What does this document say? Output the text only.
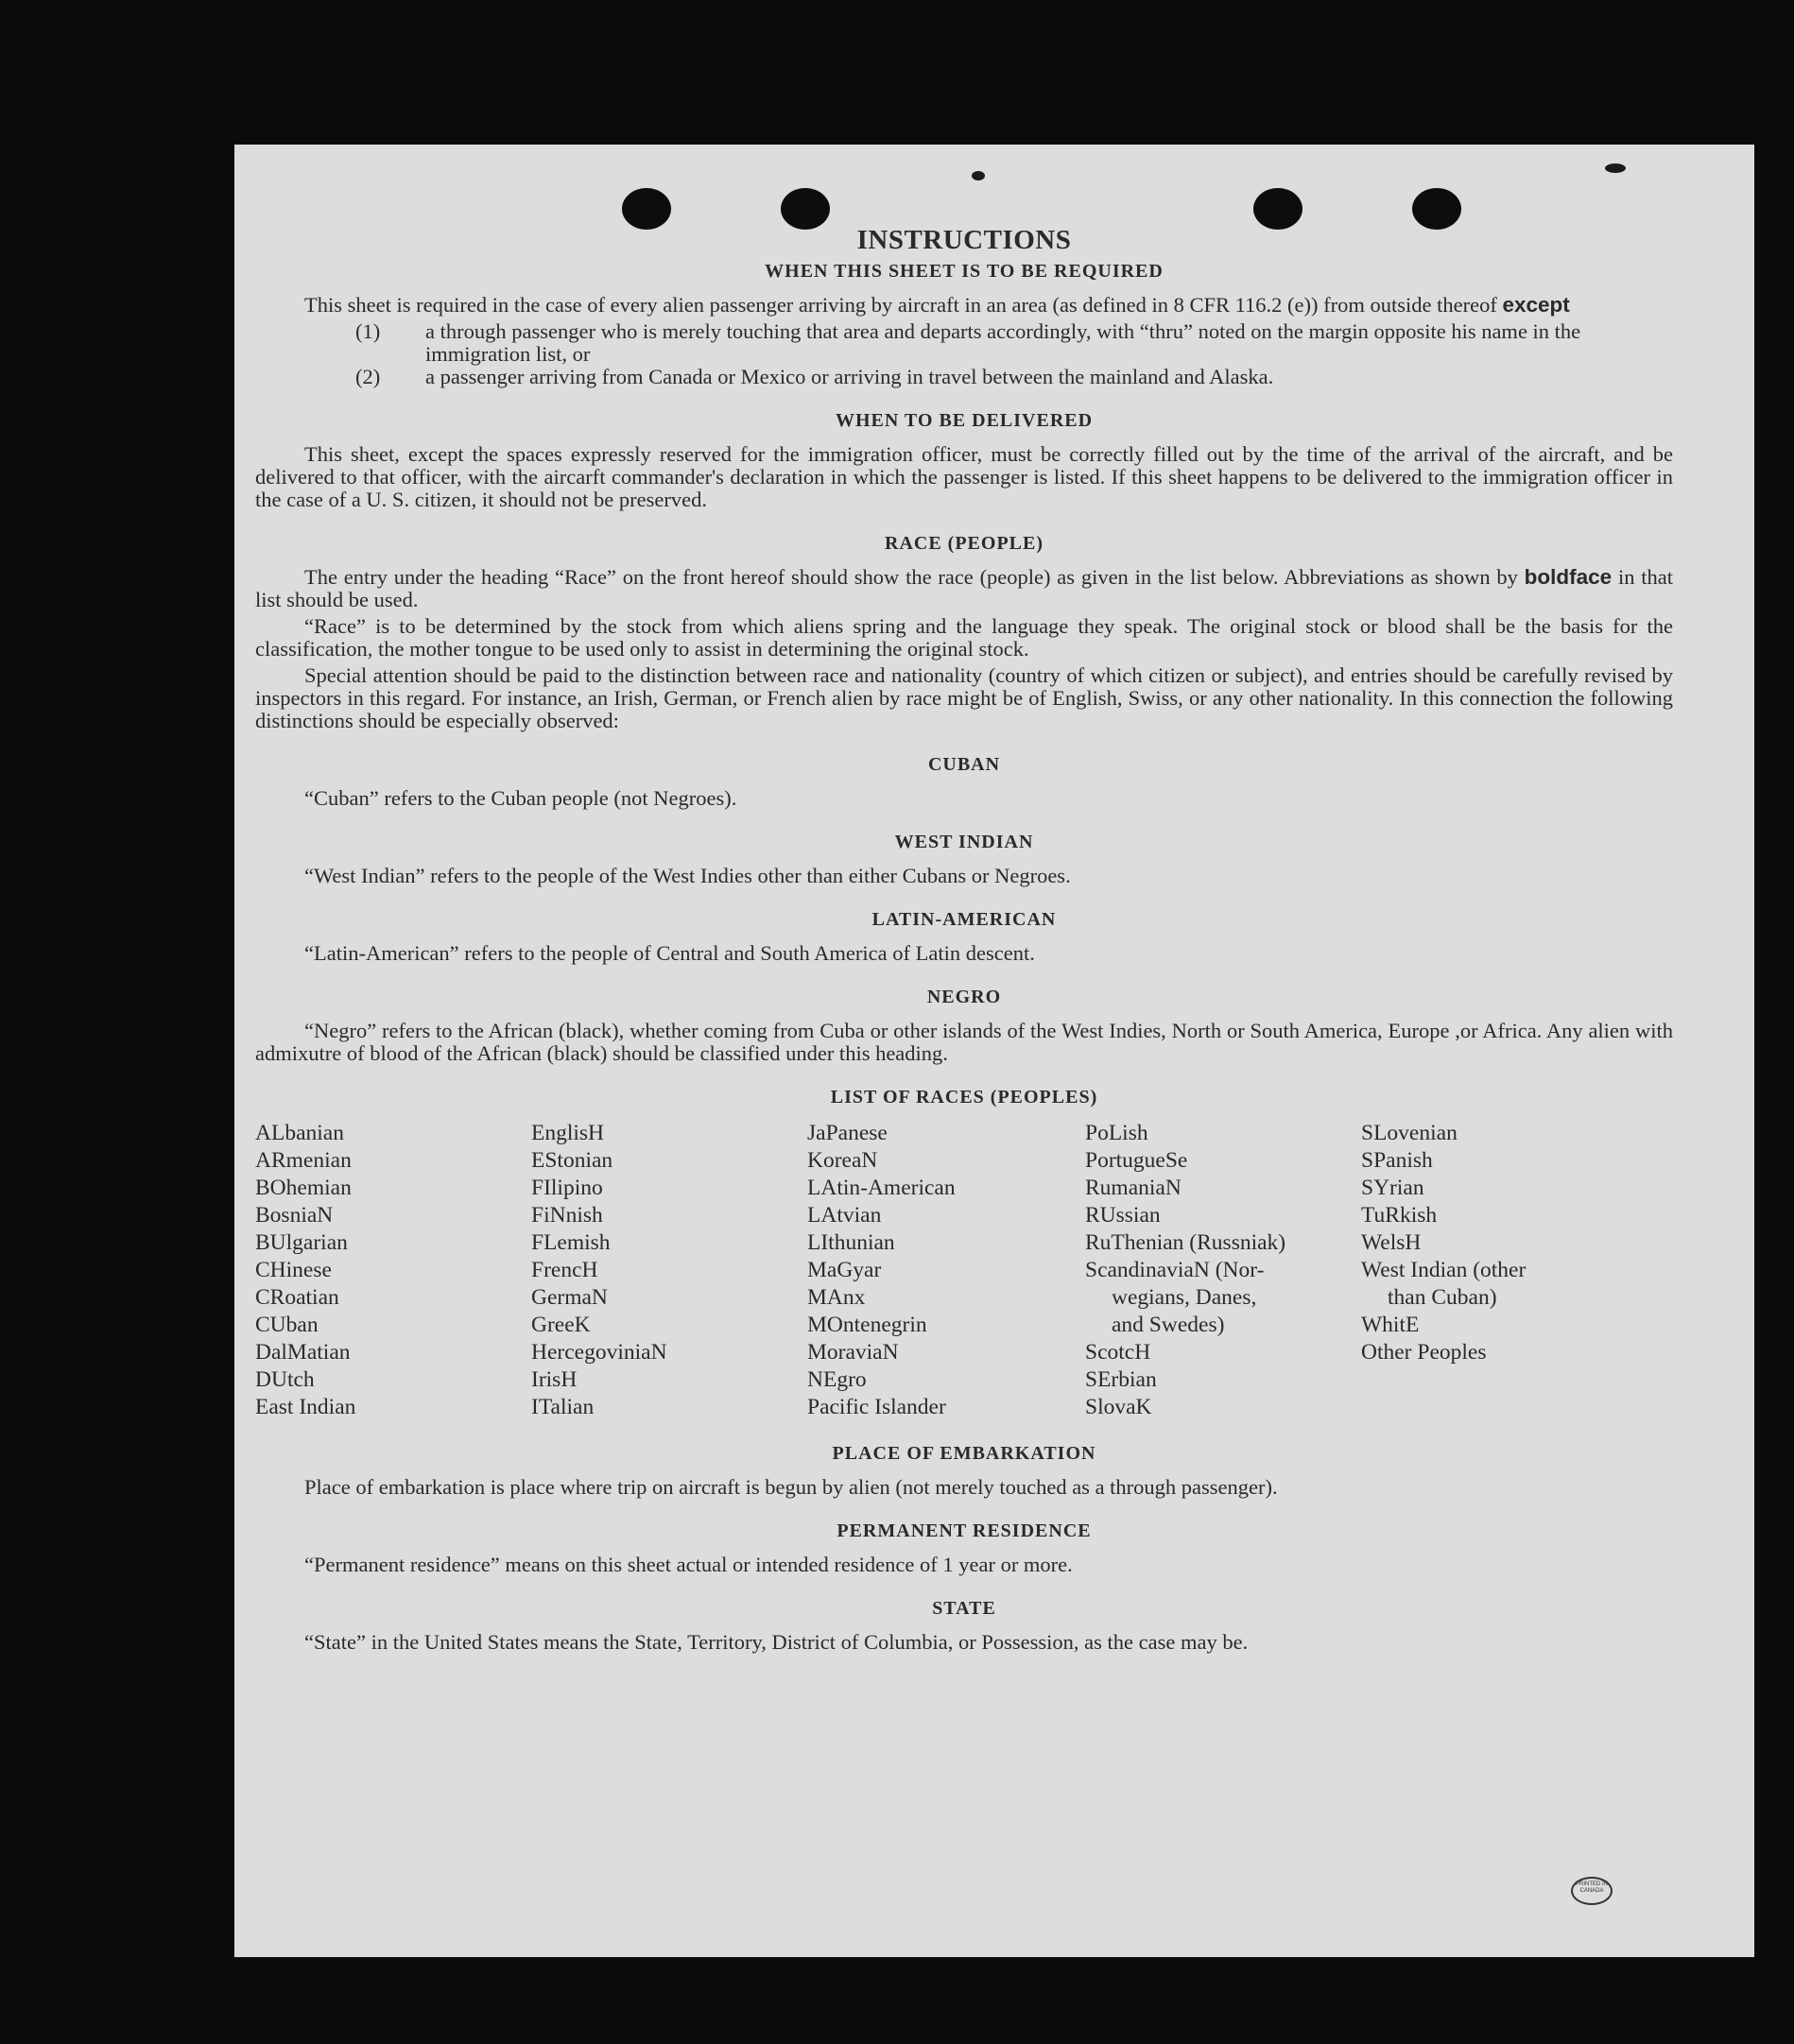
INSTRUCTIONS
WHEN THIS SHEET IS TO BE REQUIRED

This sheet is required in the case of every alien passenger arriving by aircraft in an area (as defined in 8 CFR 116.2 (e)) from outside thereof except

(1) a through passenger who is merely touching that area and departs accordingly, with “thru” noted on the margin opposite his name in the immigration list, or

(2) a passenger arriving from Canada or Mexico or arriving in travel between the mainland and Alaska.

WHEN TO BE DELIVERED

This sheet, except the spaces expressly reserved for the immigration officer, must be correctly filled out by the time of the arrival of the aircraft, and be delivered to that officer, with the aircarft commander's declaration in which the passenger is listed. If this sheet happens to be delivered to the immigration officer in the case of a U. S. citizen, it should not be preserved.

RACE (PEOPLE)

The entry under the heading “Race” on the front hereof should show the race (people) as given in the list below. Abbreviations as shown by boldface in that list should be used.

“Race” is to be determined by the stock from which aliens spring and the language they speak. The original stock or blood shall be the basis for the classification, the mother tongue to be used only to assist in determining the original stock.

Special attention should be paid to the distinction between race and nationality (country of which citizen or subject), and entries should be carefully revised by inspectors in this regard. For instance, an Irish, German, or French alien by race might be of English, Swiss, or any other nationality. In this connection the following distinctions should be especially observed:

CUBAN

“Cuban” refers to the Cuban people (not Negroes).

WEST INDIAN

“West Indian” refers to the people of the West Indies other than either Cubans or Negroes.

LATIN-AMERICAN

“Latin-American” refers to the people of Central and South America of Latin descent.

NEGRO

“Negro” refers to the African (black), whether coming from Cuba or other islands of the West Indies, North or South America, Europe ,or Africa. Any alien with admixutre of blood of the African (black) should be classified under this heading.

LIST OF RACES (PEOPLES)
ALbanian
ARmenian
BOhemian
BosniaN
BUlgarian
CHinese
CRoatian
CUban
DalMatian
DUtch
East Indian
EnglisH
EStonian
FIlipino
FiNnish
FLemish
FrencH
GermaN
GreeK
HercegoviniaN
IrisH
ITalian
JaPanese
KoreaN
LAtin-American
LAtvian
LIthunian
MaGyar
MAnx
MOntenegrin
MoraviaN
NEgro
Pacific Islander
PoLish
PortugueSe
RumaniaN
RUssian
RuThenian (Russniak)
ScandinaviaN (Nor-
wegians, Danes,
and Swedes)
ScotcH
SErbian
SlovaK
SLovenian
SPanish
SYrian
TuRkish
WelsH
West Indian (other
than Cuban)
WhitE
Other Peoples
PLACE OF EMBARKATION

Place of embarkation is place where trip on aircraft is begun by alien (not merely touched as a through passenger).

PERMANENT RESIDENCE

“Permanent residence” means on this sheet actual or intended residence of 1 year or more.

STATE

“State” in the United States means the State, Territory, District of Columbia, or Possession, as the case may be.

PRINTED IN CANADA
